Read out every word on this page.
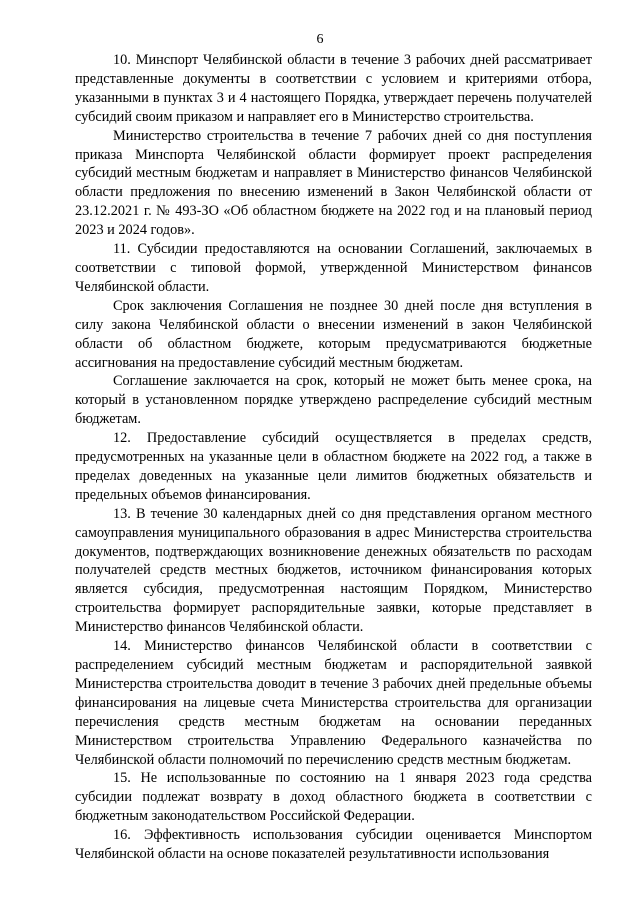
6

10. Минспорт Челябинской области в течение 3 рабочих дней рассматривает представленные документы в соответствии с условием и критериями отбора, указанными в пунктах 3 и 4 настоящего Порядка, утверждает перечень получателей субсидий своим приказом и направляет его в Министерство строительства.

Министерство строительства в течение 7 рабочих дней со дня поступления приказа Минспорта Челябинской области формирует проект распределения субсидий местным бюджетам и направляет в Министерство финансов Челябинской области предложения по внесению изменений в Закон Челябинской области от 23.12.2021 г. № 493-ЗО «Об областном бюджете на 2022 год и на плановый период 2023 и 2024 годов».

11. Субсидии предоставляются на основании Соглашений, заключаемых в соответствии с типовой формой, утвержденной Министерством финансов Челябинской области.

Срок заключения Соглашения не позднее 30 дней после дня вступления в силу закона Челябинской области о внесении изменений в закон Челябинской области об областном бюджете, которым предусматриваются бюджетные ассигнования на предоставление субсидий местным бюджетам.

Соглашение заключается на срок, который не может быть менее срока, на который в установленном порядке утверждено распределение субсидий местным бюджетам.

12. Предоставление субсидий осуществляется в пределах средств, предусмотренных на указанные цели в областном бюджете на 2022 год, а также в пределах доведенных на указанные цели лимитов бюджетных обязательств и предельных объемов финансирования.

13. В течение 30 календарных дней со дня представления органом местного самоуправления муниципального образования в адрес Министерства строительства документов, подтверждающих возникновение денежных обязательств по расходам получателей средств местных бюджетов, источником финансирования которых является субсидия, предусмотренная настоящим Порядком, Министерство строительства формирует распорядительные заявки, которые представляет в Министерство финансов Челябинской области.

14. Министерство финансов Челябинской области в соответствии с распределением субсидий местным бюджетам и распорядительной заявкой Министерства строительства доводит в течение 3 рабочих дней предельные объемы финансирования на лицевые счета Министерства строительства для организации перечисления средств местным бюджетам на основании переданных Министерством строительства Управлению Федерального казначейства по Челябинской области полномочий по перечислению средств местным бюджетам.

15. Не использованные по состоянию на 1 января 2023 года средства субсидии подлежат возврату в доход областного бюджета в соответствии с бюджетным законодательством Российской Федерации.

16. Эффективность использования субсидии оценивается Минспортом Челябинской области на основе показателей результативности использования
